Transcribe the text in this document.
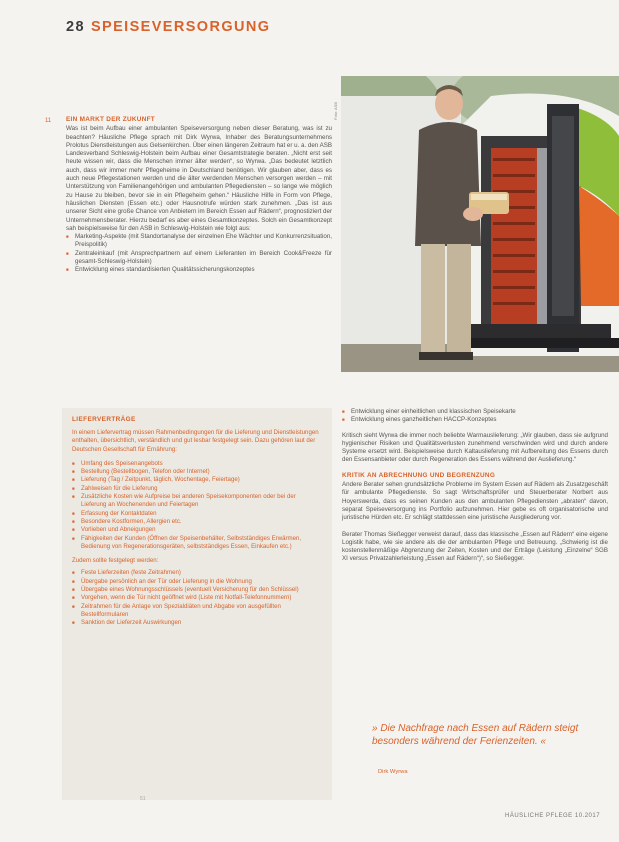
28 SPEISEVERSORGUNG
11 EIN MARKT DER ZUKUNFT

Was ist beim Aufbau einer ambulanten Speiseversorgung neben dieser Beratung, was ist zu beachten? Häusliche Pflege sprach mit Dirk Wyrwa, Inhaber des Beratungsunternehmens Prolotus Dienstleistungen aus Gelsenkirchen. Über einen längeren Zeitraum hat er u. a. den ASB Landesverband Schleswig-Holstein beim Aufbau einer Gesamtstrategie beraten. „Nicht erst seit heute wissen wir, dass die Menschen immer älter werden“, so Wyrwa. „Das bedeutet letztlich auch, dass wir immer mehr Pflegeheime in Deutschland benötigen. Wir glauben aber, dass es auch neue Pflegestationen werden und die älter werdenden Menschen versorgen werden – mit Unterstützung von Familienangehörigen und ambulanten Pflegediensten – so lange wie möglich zu Hause zu bleiben, bevor sie in ein Pflegeheim gehen.“ Häusliche Hilfe in Form von Pflege, häuslichen Diensten (Essen etc.) oder Hausnotrufe würden stark zunehmen. „Das ist aus unserer Sicht eine große Chance von Anbietern im Bereich Essen auf Rädern“, prognostiziert der Unternehmensberater. Hierzu bedarf es aber eines Gesamtkonzeptes. Solch ein Gesamtkonzept sah beispielsweise für den ASB in Schleswig-Holstein wie folgt aus:

■ Marketing-Aspekte (mit Standortanalyse der einzelnen Ehe Wächter und Konkurrenzsituation, Preispolitik)
■ Zentraleinkauf (mit Ansprechpartnern auf einem Lieferanten im Bereich Cook&Freeze für gesamt-Schleswig-Holstein)
■ Entwicklung eines standardisierten Qualitätssicherungskonzeptes
Foto: ASB
LIEFERVERTRÄGE
In einem Liefervertrag müssen Rahmenbedingungen für die Lieferung und Dienstleistungen enthalten, übersichtlich, verständlich und gut lesbar festgelegt sein. Dazu gehören laut der Deutschen Gesellschaft für Ernährung:
■ Umfang des Speisenangebots
■ Bestellung (Bestellbogen, Telefon oder Internet)
■ Lieferung (Tag / Zeitpunkt, täglich, Wochentage, Feiertage)
■ Zahlweisen für die Lieferung
■ Zusätzliche Kosten wie Aufpreise bei anderen Speisekomponenten oder bei der Lieferung an Wochenenden und Feiertagen
■ Erfassung der Kontaktdaten
■ Besondere Kostformen, Allergien etc.
■ Vorlieben und Abneigungen
■ Fähigkeiten der Kunden (Öffnen der Speisenbehälter, Selbstständiges Erwärmen, Bedienung von Regenerationsgeräten, selbstständiges Essen, Einkaufen etc.)
Zudem sollte festgelegt werden:
■ Feste Lieferzeiten (feste Zeitrahmen)
■ Übergabe persönlich an der Tür oder Lieferung in die Wohnung
■ Übergabe eines Wohnungsschlüssels (eventuell Versicherung für den Schlüssel)
■ Vorgehen, wenn die Tür nicht geöffnet wird (Liste mit Notfall-Telefonnummern)
■ Zeitrahmen für die Anlage von Spezialdiäten und Abgabe von ausgefüllten Bestellformularen
■ Sanktion der Lieferzeit Auswirkungen
■ Entwicklung einer einheitlichen und klassischen Speisekarte
■ Entwicklung eines ganzheitlichen HACCP-Konzeptes

Kritisch sieht Wyrwa die immer noch beliebte Warmauslieferung: „Wir glauben, dass sie aufgrund hygienischer Risiken und Qualitätsverlusten zunehmend verschwinden wird und durch andere Systeme ersetzt wird. Beispielsweise durch Kaltauslieferung mit Aufbereitung des Essens durch den Essensanbieter oder durch Regeneration des Essens während der Auslieferung.“

KRITIK AN ABRECHNUNG UND BEGRENZUNG

Andere Berater sehen grundsätzliche Probleme im System Essen auf Rädern als Zusatzgeschäft für ambulante Pflegedienste. So sagt Wirtschaftsprüfer und Steuerberater Norbert aus Hoyerswerda, dass es seinen Kunden aus den ambulanten Pflegediensten „abraten“ davon, separat Speiseversorgung ins Portfolio aufzunehmen. Hier gebe es oft organisatorische und juristische Hürden etc. Er schlägt stattdessen eine juristische Ausgliederung vor.

Berater Thomas Sießegger verweist darauf, dass das klassische „Essen auf Rädern“ eine eigene Logistik habe, wie sie andere als die der ambulanten Pflege und Betreuung. „Schwierig ist die kostenstellenmäßige Abgrenzung der Zeiten, Kosten und der Erträge (Leistung „Einzelne“ SGB XI versus Privatzahlerleistung „Essen auf Rädern“)“, so Sießegger.

» Die Nachfrage nach Essen auf Rädern steigt besonders während der Ferienzeiten. «
Dirk Wyrwa
51
HÄUSLICHE PFLEGE 10.2017
